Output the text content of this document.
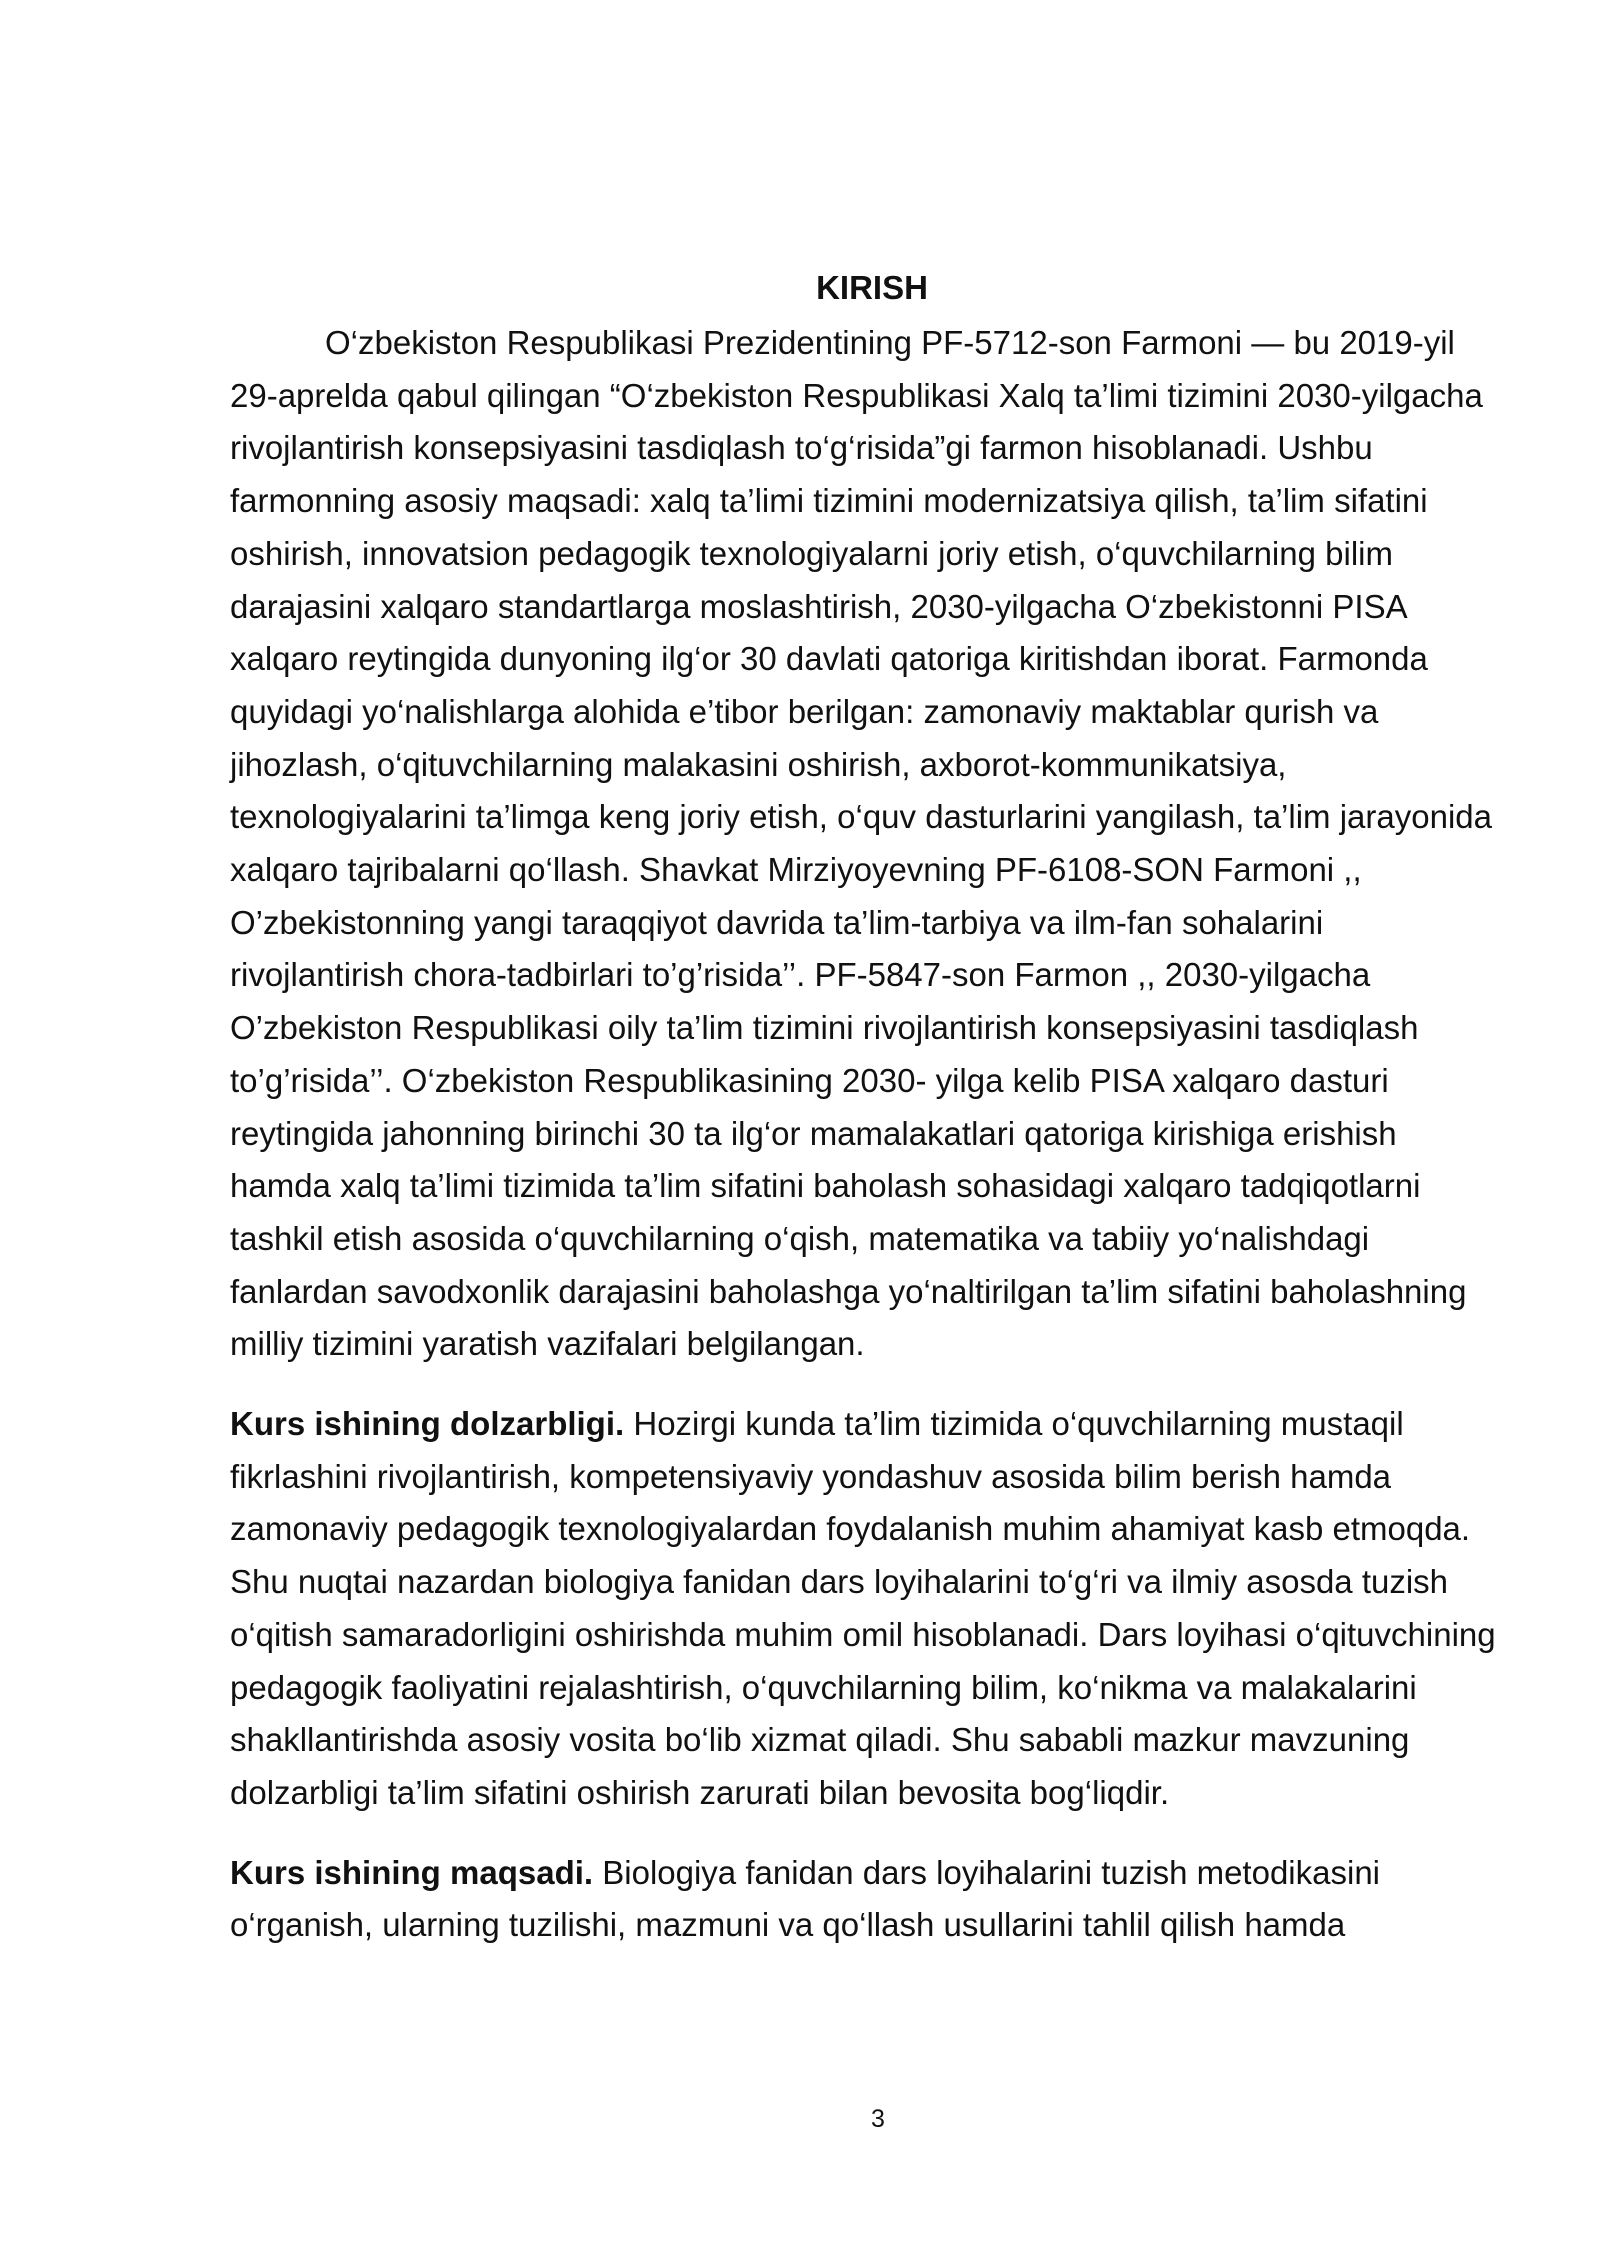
KIRISH

O‘zbekiston Respublikasi Prezidentining PF-5712-son Farmoni — bu 2019-yil 29-aprelda qabul qilingan “O‘zbekiston Respublikasi Xalq ta’limi tizimini 2030-yilgacha rivojlantirish konsepsiyasini tasdiqlash to‘g‘risida”gi farmon hisoblanadi. Ushbu farmonning asosiy maqsadi: xalq ta’limi tizimini modernizatsiya qilish, ta’lim sifatini oshirish, innovatsion pedagogik texnologiyalarni joriy etish, o‘quvchilarning bilim darajasini xalqaro standartlarga moslashtirish, 2030-yilgacha O‘zbekistonni PISA xalqaro reytingida dunyoning ilg‘or 30 davlati qatoriga kiritishdan iborat. Farmonda quyidagi yo‘nalishlarga alohida e’tibor berilgan: zamonaviy maktablar qurish va jihozlash, o‘qituvchilarning malakasini oshirish, axborot-kommunikatsiya, texnologiyalarini ta’limga keng joriy etish, o‘quv dasturlarini yangilash, ta’lim jarayonida xalqaro tajribalarni qo‘llash. Shavkat Mirziyoyevning PF-6108-SON Farmoni ,, O’zbekistonning yangi taraqqiyot davrida ta’lim-tarbiya va ilm-fan sohalarini rivojlantirish chora-tadbirlari to’g’risida’’. PF-5847-son Farmon ,, 2030-yilgacha O’zbekiston Respublikasi oily ta’lim tizimini rivojlantirish konsepsiyasini tasdiqlash to’g’risida’’. O‘zbekiston Respublikasining 2030- yilga kelib PISA xalqaro dasturi reytingida jahonning birinchi 30 ta ilg‘or mamalakatlari qatoriga kirishiga erishish hamda xalq ta’limi tizimida ta’lim sifatini baholash sohasidagi xalqaro tadqiqotlarni tashkil etish asosida o‘quvchilarning o‘qish, matematika va tabiiy yo‘nalishdagi fanlardan savodxonlik darajasini baholashga yo‘naltirilgan ta’lim sifatini baholashning milliy tizimini yaratish vazifalari belgilangan.

Kurs ishining dolzarbligi. Hozirgi kunda ta’lim tizimida o‘quvchilarning mustaqil fikrlashini rivojlantirish, kompetensiyaviy yondashuv asosida bilim berish hamda zamonaviy pedagogik texnologiyalardan foydalanish muhim ahamiyat kasb etmoqda. Shu nuqtai nazardan biologiya fanidan dars loyihalarini to‘g‘ri va ilmiy asosda tuzish o‘qitish samaradorligini oshirishda muhim omil hisoblanadi. Dars loyihasi o‘qituvchining pedagogik faoliyatini rejalashtirish, o‘quvchilarning bilim, ko‘nikma va malakalarini shakllantirishda asosiy vosita bo‘lib xizmat qiladi. Shu sababli mazkur mavzuning dolzarbligi ta’lim sifatini oshirish zarurati bilan bevosita bog‘liqdir.

Kurs ishining maqsadi. Biologiya fanidan dars loyihalarini tuzish metodikasini o‘rganish, ularning tuzilishi, mazmuni va qo‘llash usullarini tahlil qilish hamda

3
